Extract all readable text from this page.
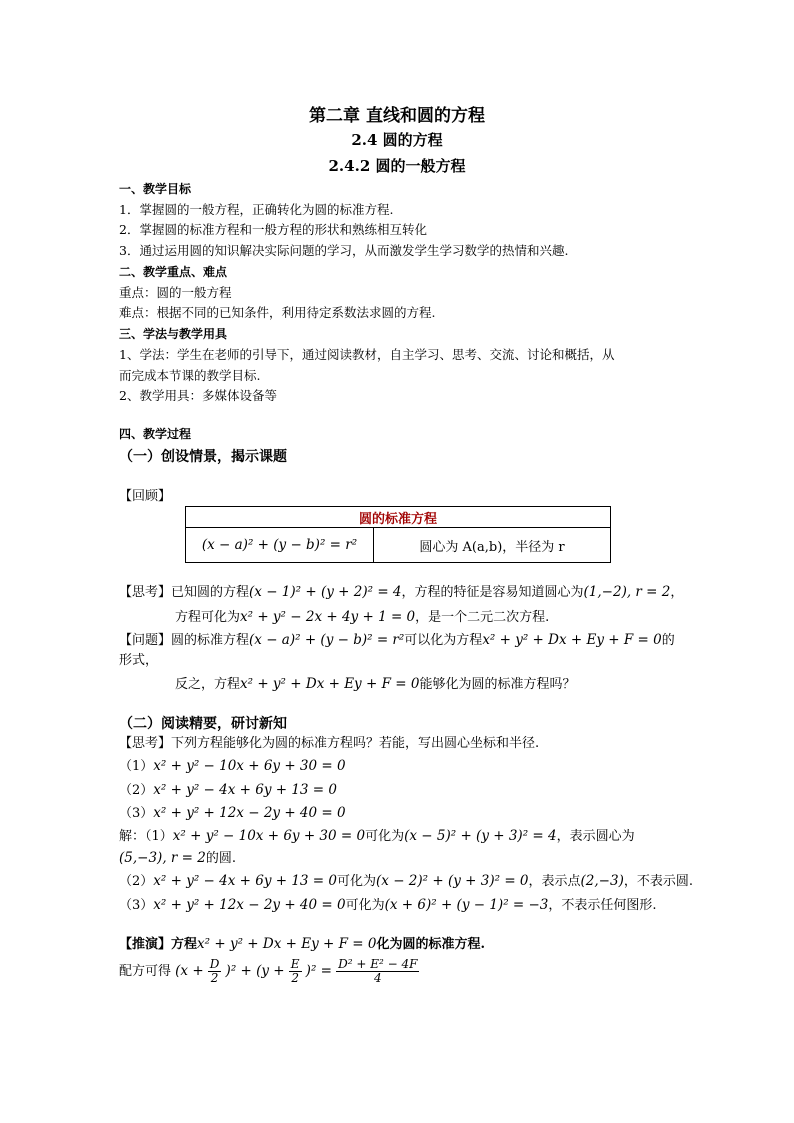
第二章 直线和圆的方程
2.4 圆的方程
2.4.2 圆的一般方程
一、教学目标
1．掌握圆的一般方程，正确转化为圆的标准方程.
2．掌握圆的标准方程和一般方程的形状和熟练相互转化
3．通过运用圆的知识解决实际问题的学习，从而激发学生学习数学的热情和兴趣.
二、教学重点、难点
重点：圆的一般方程
难点：根据不同的已知条件，利用待定系数法求圆的方程.
三、学法与教学用具
1、学法：学生在老师的引导下，通过阅读教材，自主学习、思考、交流、讨论和概括，从
而完成本节课的教学目标.
2、教学用具：多媒体设备等
四、教学过程
（一）创设情景，揭示课题
【回顾】
圆的标准方程
(x − a)² + (y − b)² = r²	圆心为 A(a,b)，半径为 r
【思考】已知圆的方程(x − 1)² + (y + 2)² = 4，方程的特征是容易知道圆心为(1,−2), r = 2，
方程可化为x² + y² − 2x + 4y + 1 = 0，是一个二元二次方程.
【问题】圆的标准方程(x − a)² + (y − b)² = r²可以化为方程x² + y² + Dx + Ey + F = 0的
形式，
反之，方程x² + y² + Dx + Ey + F = 0能够化为圆的标准方程吗？
（二）阅读精要，研讨新知
【思考】下列方程能够化为圆的标准方程吗？若能，写出圆心坐标和半径.
（1）x² + y² − 10x + 6y + 30 = 0
（2）x² + y² − 4x + 6y + 13 = 0
（3）x² + y² + 12x − 2y + 40 = 0
解：（1）x² + y² − 10x + 6y + 30 = 0可化为(x − 5)² + (y + 3)² = 4，表示圆心为
(5,−3), r = 2的圆.
（2）x² + y² − 4x + 6y + 13 = 0可化为(x − 2)² + (y + 3)² = 0，表示点(2,−3)，不表示圆.
（3）x² + y² + 12x − 2y + 40 = 0可化为(x + 6)² + (y − 1)² = −3，不表示任何图形.
【推演】方程x² + y² + Dx + Ey + F = 0化为圆的标准方程.
配方可得 $(x + \frac{D}{2} )^2 + (y + \frac{E}{2} )^2 = \frac{\text{D² + E² − 4F}}{4}$
